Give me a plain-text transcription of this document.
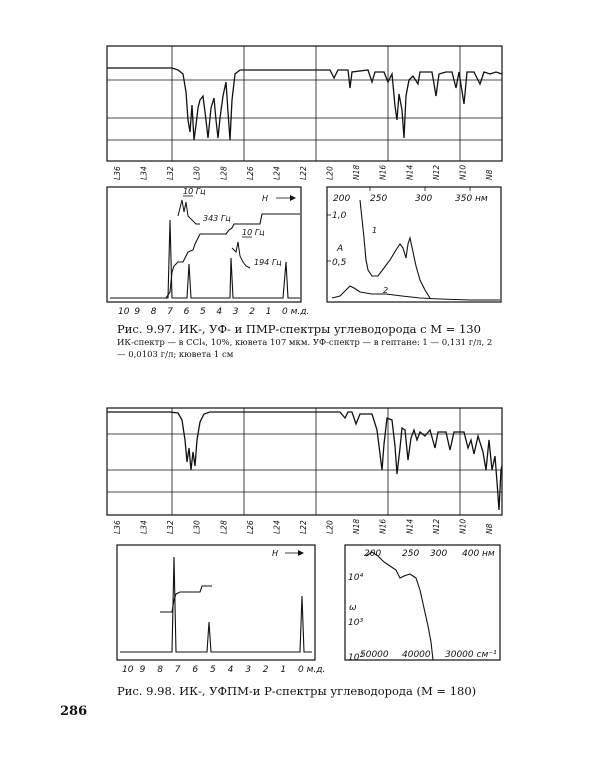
L36 L34 L32 L30 L28 L26 L24 L22 L20 N18 N16 N14 N12 N10 N8
10 Гц
343 Гц
10 Гц
194 Гц
H
10 9 8 7 6 5 4 3 2 1 0 м.д.
A
1
2
200 250	300	350 нм
1,0
0,5
Рис. 9.97. ИК-, УФ- и ПМР-спектры углеводорода с М = 130
ИК-спектр — в CCl₄, 10%, кювета 107 мкм. УФ-спектр — в гептане: 1 — 0,131 г/л, 2 — 0,0103 г/л; кювета 1 см
L36 L34 L32 L30 L28 L26 L24 L22 L20 N18 N16 N14 N12 N10 N8
H
10 9 8 7 6 5 4 3 2 1 0 м.д.
ω
200 250 300 400 нм
10⁴
10³
10²
50000 40000 30000 см⁻¹
Рис. 9.98. ИК-, УФПМ-и Р-спектры углеводорода (М = 180)
286
